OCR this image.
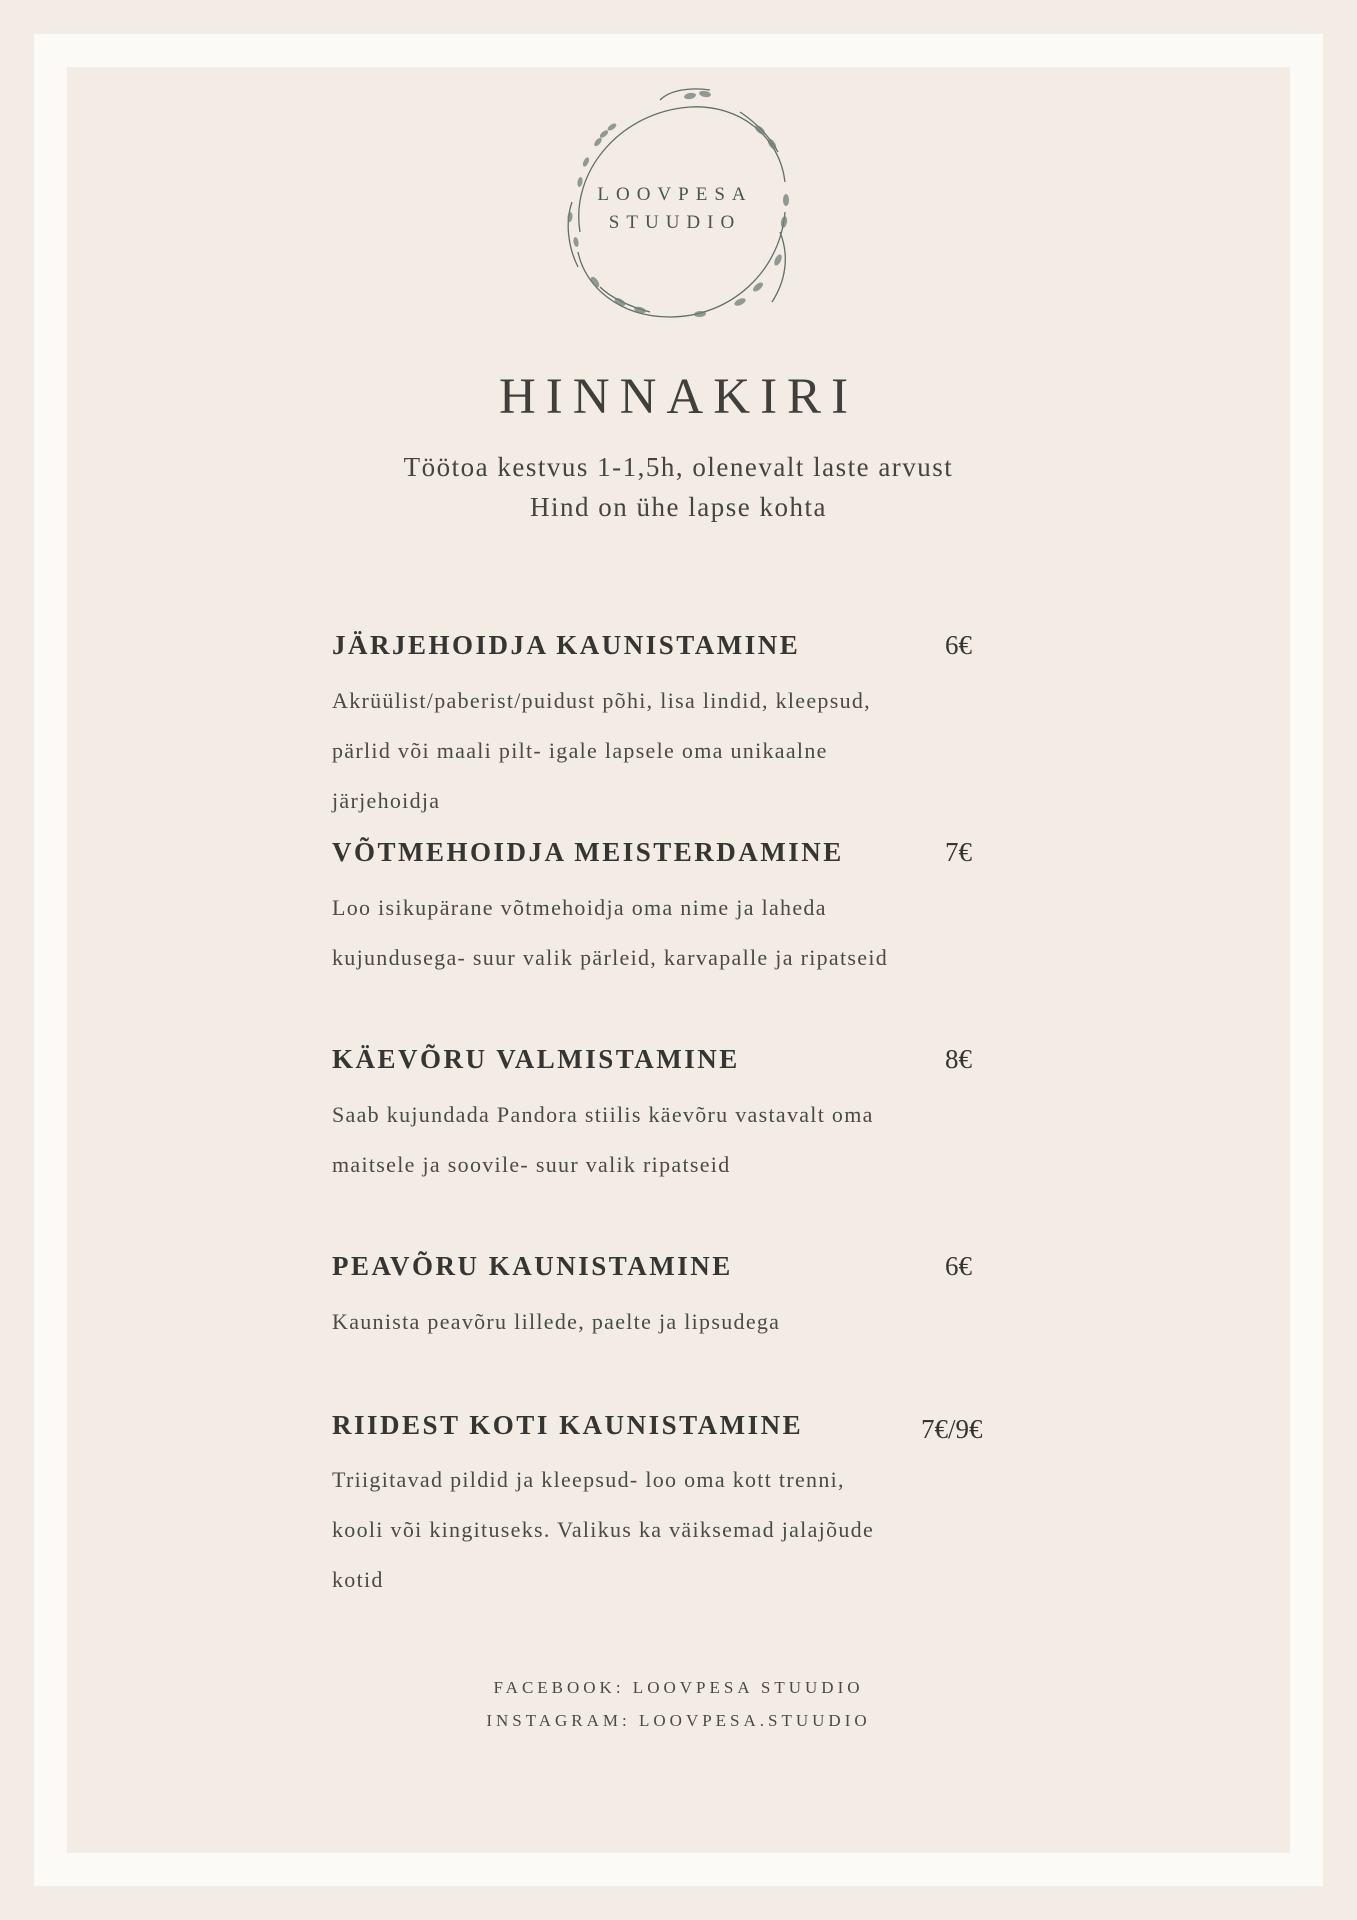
LOOVPESA
STUUDIO
HINNAKIRI
Töötoa kestvus 1-1,5h, olenevalt laste arvust
Hind on ühe lapse kohta
JÄRJEHOIDJA KAUNISTAMINE	6€
Akrüülist/paberist/puidust põhi, lisa lindid, kleepsud, pärlid või maali pilt- igale lapsele oma unikaalne järjehoidja
VÕTMEHOIDJA MEISTERDAMINE	7€
Loo isikupärane võtmehoidja oma nime ja laheda kujundusega- suur valik pärleid, karvapalle ja ripatseid
KÄEVÕRU VALMISTAMINE	8€
Saab kujundada Pandora stiilis käevõru vastavalt oma maitsele ja soovile- suur valik ripatseid
PEAVÕRU KAUNISTAMINE	6€
Kaunista peavõru lillede, paelte ja lipsudega
RIIDEST KOTI KAUNISTAMINE	7€/9€
Triigitavad pildid ja kleepsud- loo oma kott trenni, kooli või kingituseks. Valikus ka väiksemad jalajõude kotid
FACEBOOK: LOOVPESA STUUDIO
INSTAGRAM: LOOVPESA.STUUDIO
